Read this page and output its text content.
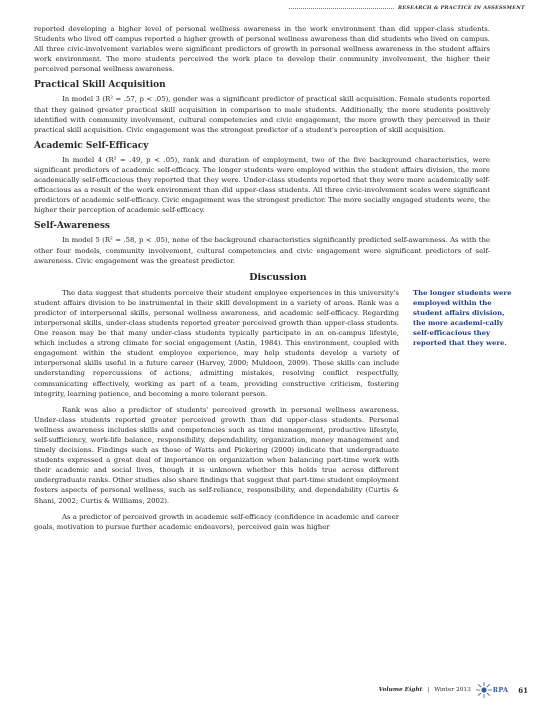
RESEARCH & PRACTICE IN ASSESSMENT

reported developing a higher level of personal wellness awareness in the work environment than did upper-class students. Students who lived off campus reported a higher growth of personal wellness awareness than did students who lived on campus. All three civic-involvement variables were significant predictors of growth in personal wellness awareness in the student affairs work environment. The more students perceived the work place to develop their community involvement, the higher their perceived personal wellness awareness.

Practical Skill Acquisition

In model 3 (R² = .57, p < .05), gender was a significant predictor of practical skill acquisition. Female students reported that they gained greater practical skill acquisition in comparison to male students. Additionally, the more students positively identified with community involvement, cultural competencies and civic engagement, the more growth they perceived in their practical skill acquisition. Civic engagement was the strongest predictor of a student's perception of skill acquisition.

Academic Self-Efficacy

In model 4 (R² = .49, p < .05), rank and duration of employment, two of the five background characteristics, were significant predictors of academic self-efficacy. The longer students were employed within the student affairs division, the more academically self-efficacious they reported that they were. Under-class students reported that they were more academically self-efficacious as a result of the work environment than did upper-class students. All three civic-involvement scales were significant predictors of academic self-efficacy. Civic engagement was the strongest predictor. The more socially engaged students were, the higher their perception of academic self-efficacy.

Self-Awareness

In model 5 (R² = .58, p < .05), none of the background characteristics significantly predicted self-awareness. As with the other four models, community involvement, cultural competencies and civic engagement were significant predictors of self-awareness. Civic engagement was the greatest predictor.

Discussion

The data suggest that students perceive their student employee experiences in this university's student affairs division to be instrumental in their skill development in a variety of areas. Rank was a predictor of interpersonal skills, personal wellness awareness, and academic self-efficacy. Regarding interpersonal skills, under-class students reported greater perceived growth than upper-class students. One reason may be that many under-class students typically participate in an on-campus lifestyle, which includes a strong climate for social engagement (Astin, 1984). This environment, coupled with engagement within the student employee experience, may help students develop a variety of interpersonal skills useful in a future career (Harvey, 2000; Muldoon, 2009). These skills can include understanding repercussions of actions, admitting mistakes, resolving conflict respectfully, communicating effectively, working as part of a team, providing constructive criticism, fostering integrity, learning patience, and becoming a more tolerant person.

Rank was also a predictor of students' perceived growth in personal wellness awareness. Under-class students reported greater perceived growth than did upper-class students. Personal wellness awareness includes skills and competencies such as time management, productive lifestyle, self-sufficiency, work-life balance, responsibility, dependability, organization, money management and timely decisions. Findings such as those of Watts and Pickering (2000) indicate that undergraduate students expressed a great deal of importance on organization when balancing part-time work with their academic and social lives, though it is unknown whether this holds true across different undergraduate ranks. Other studies also share findings that suggest that part-time student employment fosters aspects of personal wellness, such as self-reliance, responsibility, and dependability (Curtis & Shani, 2002; Curtis & Williams, 2002).

As a predictor of perceived growth in academic self-efficacy (confidence in academic and career goals, motivation to pursue further academic endeavors), perceived gain was higher

The longer students were employed within the student affairs division, the more academi-cally self-efficacious they reported that they were.
Volume Eight | Winter 2013	RPA 61
